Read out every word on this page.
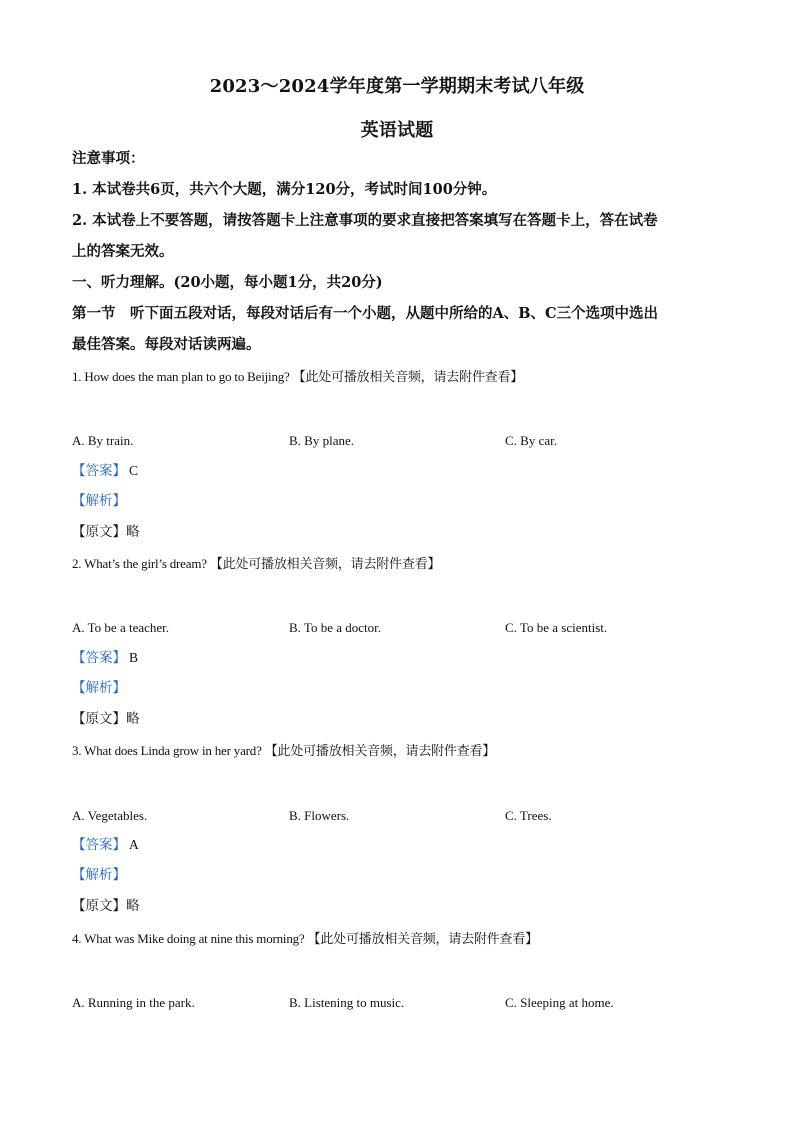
2023～2024学年度第一学期期末考试八年级
英语试题
注意事项：
1. 本试卷共6页，共六个大题，满分120分，考试时间100分钟。
2. 本试卷上不要答题，请按答题卡上注意事项的要求直接把答案填写在答题卡上，答在试卷
上的答案无效。
一、听力理解。(20小题，每小题1分，共20分)
第一节　听下面五段对话，每段对话后有一个小题，从题中所给的A、B、C三个选项中选出
最佳答案。每段对话读两遍。
1. How does the man plan to go to Beijing? 【此处可播放相关音频，请去附件查看】
A. By train.	B. By plane.	C. By car.
【答案】 C
【解析】
【原文】略
2. What’s the girl’s dream? 【此处可播放相关音频，请去附件查看】
A. To be a teacher.	B. To be a doctor.	C. To be a scientist.
【答案】 B
【解析】
【原文】略
3. What does Linda grow in her yard? 【此处可播放相关音频，请去附件查看】
A. Vegetables.	B. Flowers.	C. Trees.
【答案】 A
【解析】
【原文】略
4. What was Mike doing at nine this morning? 【此处可播放相关音频，请去附件查看】
A. Running in the park.	B. Listening to music.	C. Sleeping at home.
